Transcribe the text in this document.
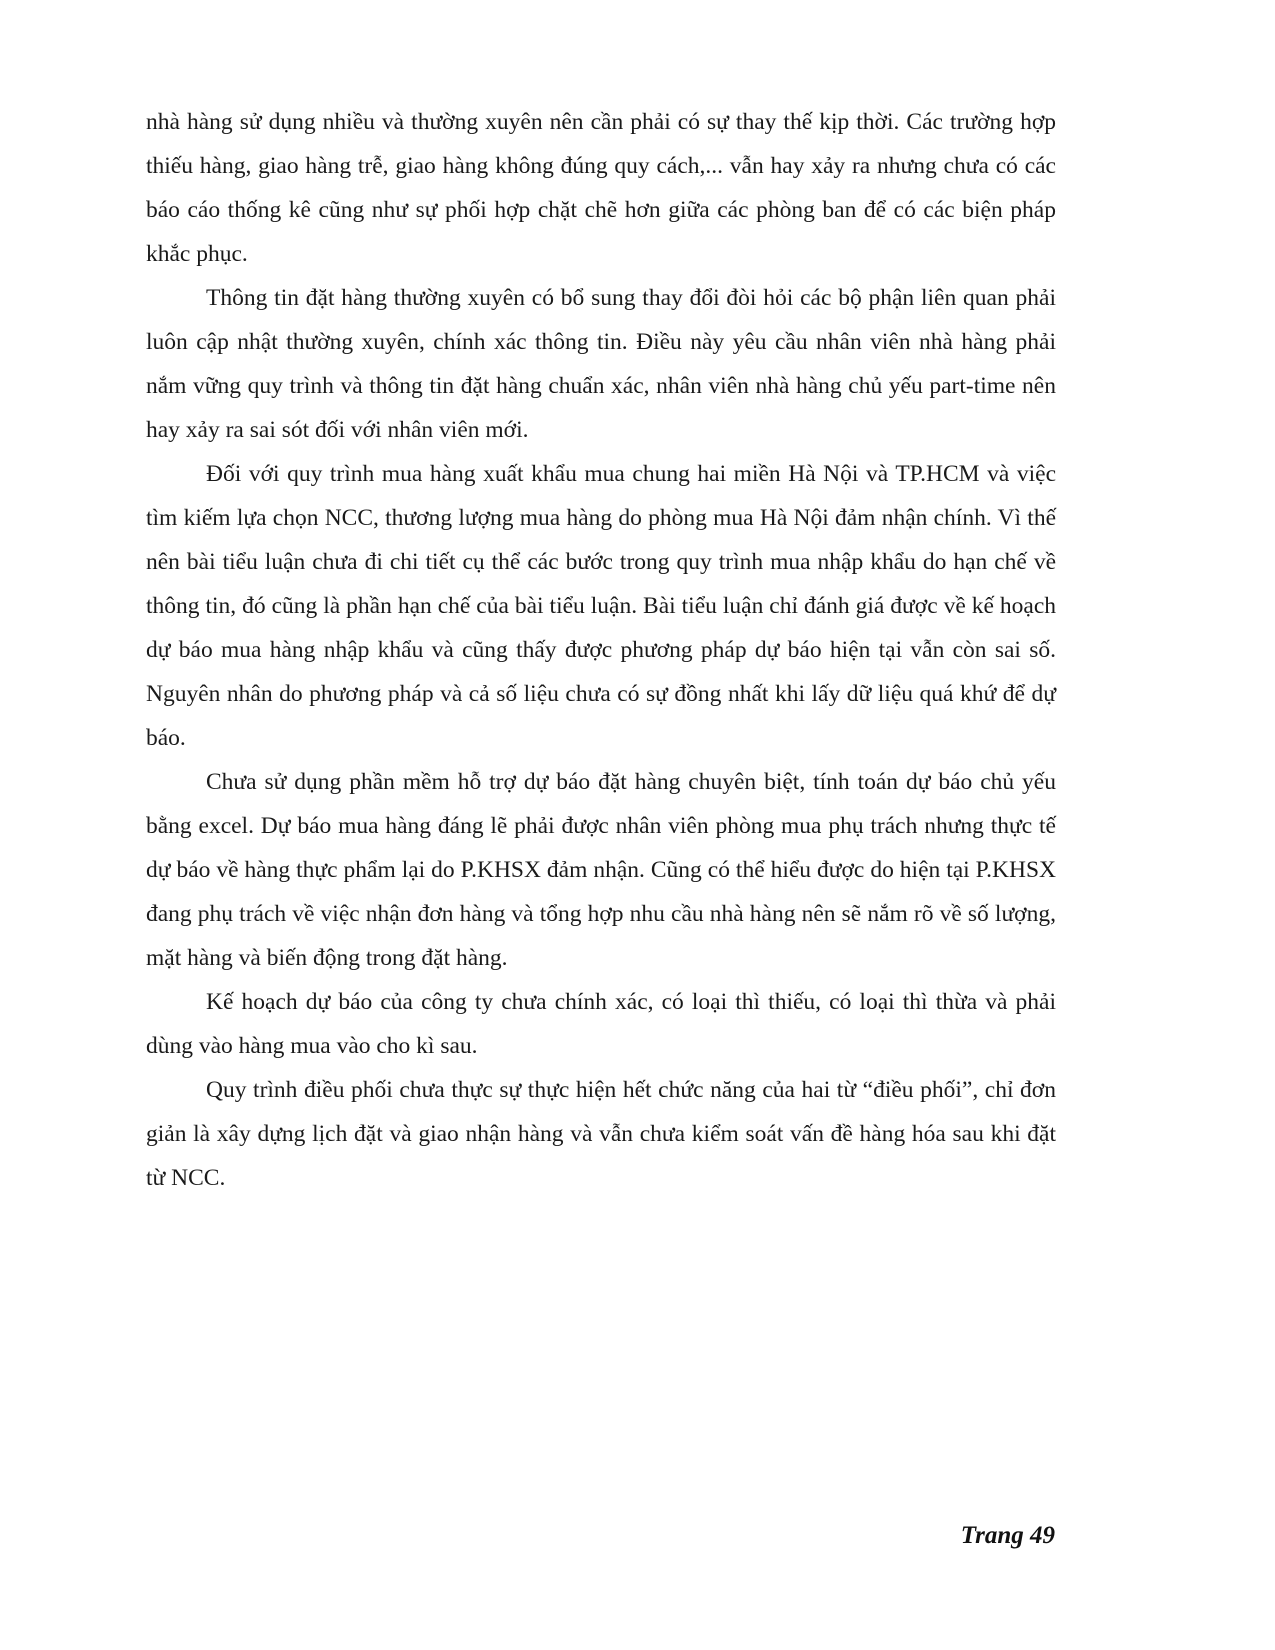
nhà hàng sử dụng nhiều và thường xuyên nên cần phải có sự thay thế kịp thời. Các trường hợp thiếu hàng, giao hàng trễ, giao hàng không đúng quy cách,... vẫn hay xảy ra nhưng chưa có các báo cáo thống kê cũng như sự phối hợp chặt chẽ hơn giữa các phòng ban để có các biện pháp khắc phục.

Thông tin đặt hàng thường xuyên có bổ sung thay đổi đòi hỏi các bộ phận liên quan phải luôn cập nhật thường xuyên, chính xác thông tin. Điều này yêu cầu nhân viên nhà hàng phải nắm vững quy trình và thông tin đặt hàng chuẩn xác, nhân viên nhà hàng chủ yếu part-time nên hay xảy ra sai sót đối với nhân viên mới.

Đối với quy trình mua hàng xuất khẩu mua chung hai miền Hà Nội và TP.HCM và việc tìm kiếm lựa chọn NCC, thương lượng mua hàng do phòng mua Hà Nội đảm nhận chính. Vì thế nên bài tiểu luận chưa đi chi tiết cụ thể các bước trong quy trình mua nhập khẩu do hạn chế về thông tin, đó cũng là phần hạn chế của bài tiểu luận. Bài tiểu luận chỉ đánh giá được về kế hoạch dự báo mua hàng nhập khẩu và cũng thấy được phương pháp dự báo hiện tại vẫn còn sai số. Nguyên nhân do phương pháp và cả số liệu chưa có sự đồng nhất khi lấy dữ liệu quá khứ để dự báo.

Chưa sử dụng phần mềm hỗ trợ dự báo đặt hàng chuyên biệt, tính toán dự báo chủ yếu bằng excel. Dự báo mua hàng đáng lẽ phải được nhân viên phòng mua phụ trách nhưng thực tế dự báo về hàng thực phẩm lại do P.KHSX đảm nhận. Cũng có thể hiểu được do hiện tại P.KHSX đang phụ trách về việc nhận đơn hàng và tổng hợp nhu cầu nhà hàng nên sẽ nắm rõ về số lượng, mặt hàng và biến động trong đặt hàng.

Kế hoạch dự báo của công ty chưa chính xác, có loại thì thiếu, có loại thì thừa và phải dùng vào hàng mua vào cho kì sau.

Quy trình điều phối chưa thực sự thực hiện hết chức năng của hai từ “điều phối”, chỉ đơn giản là xây dựng lịch đặt và giao nhận hàng và vẫn chưa kiểm soát vấn đề hàng hóa sau khi đặt từ NCC.

Trang 49
